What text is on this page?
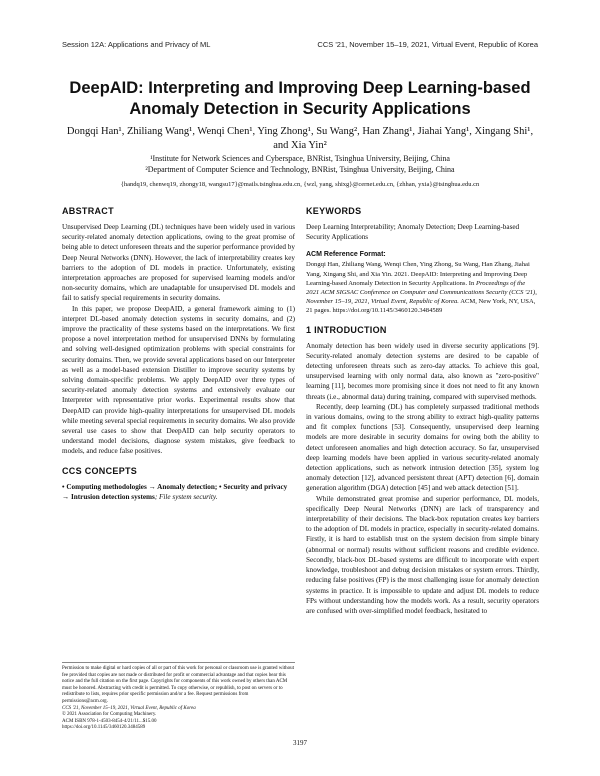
Session 12A: Applications and Privacy of ML	CCS '21, November 15–19, 2021, Virtual Event, Republic of Korea
DeepAID: Interpreting and Improving Deep Learning-based Anomaly Detection in Security Applications
Dongqi Han¹, Zhiliang Wang¹, Wenqi Chen¹, Ying Zhong¹, Su Wang², Han Zhang¹, Jiahai Yang¹, Xingang Shi¹, and Xia Yin²
¹Institute for Network Sciences and Cyberspace, BNRist, Tsinghua University, Beijing, China
²Department of Computer Science and Technology, BNRist, Tsinghua University, Beijing, China
{handq19, chenwq19, zhongy18, wangsu17}@mails.tsinghua.edu.cn, {wzl, yang, shixg}@cernet.edu.cn, {zhhan, yxia}@tsinghua.edu.cn
ABSTRACT

Unsupervised Deep Learning (DL) techniques have been widely used in various security-related anomaly detection applications, owing to the great promise of being able to detect unforeseen threats and the superior performance provided by Deep Neural Networks (DNN). However, the lack of interpretability creates key barriers to the adoption of DL models in practice. Unfortunately, existing interpretation approaches are proposed for supervised learning models and/or non-security domains, which are unadaptable for unsupervised DL models and fail to satisfy special requirements in security domains.

In this paper, we propose DeepAID, a general framework aiming to (1) interpret DL-based anomaly detection systems in security domains, and (2) improve the practicality of these systems based on the interpretations. We first propose a novel interpretation method for unsupervised DNNs by formulating and solving well-designed optimization problems with special constraints for security domains. Then, we provide several applications based on our Interpreter as well as a model-based extension Distiller to improve security systems by solving domain-specific problems. We apply DeepAID over three types of security-related anomaly detection systems and extensively evaluate our Interpreter with representative prior works. Experimental results show that DeepAID can provide high-quality interpretations for unsupervised DL models while meeting several special requirements in security domains. We also provide several use cases to show that DeepAID can help security operators to understand model decisions, diagnose system mistakes, give feedback to models, and reduce false positives.

CCS CONCEPTS
• Computing methodologies → Anomaly detection; • Security and privacy → Intrusion detection systems; File system security.
Permission to make digital or hard copies of all or part of this work for personal or classroom use is granted without fee provided that copies are not made or distributed for profit or commercial advantage and that copies bear this notice and the full citation on the first page. Copyrights for components of this work owned by others than ACM must be honored. Abstracting with credit is permitted. To copy otherwise, or republish, to post on servers or to redistribute to lists, requires prior specific permission and/or a fee. Request permissions from permissions@acm.org.
CCS '21, November 15–19, 2021, Virtual Event, Republic of Korea
© 2021 Association for Computing Machinery.
ACM ISBN 978-1-4503-8454-4/21/11...$15.00
https://doi.org/10.1145/3460120.3484589
KEYWORDS

Deep Learning Interpretability; Anomaly Detection; Deep Learning-based Security Applications

ACM Reference Format:
Dongqi Han, Zhiliang Wang, Wenqi Chen, Ying Zhong, Su Wang, Han Zhang, Jiahai Yang, Xingang Shi, and Xia Yin. 2021. DeepAID: Interpreting and Improving Deep Learning-based Anomaly Detection in Security Applications. In Proceedings of the 2021 ACM SIGSAC Conference on Computer and Communications Security (CCS '21), November 15–19, 2021, Virtual Event, Republic of Korea. ACM, New York, NY, USA, 21 pages. https://doi.org/10.1145/3460120.3484589
1 INTRODUCTION

Anomaly detection has been widely used in diverse security applications [9]. Security-related anomaly detection systems are desired to be capable of detecting unforeseen threats such as zero-day attacks. To achieve this goal, unsupervised learning with only normal data, also known as "zero-positive" learning [11], becomes more promising since it does not need to fit any known threats (i.e., abnormal data) during training, compared with supervised methods.

Recently, deep learning (DL) has completely surpassed traditional methods in various domains, owing to the strong ability to extract high-quality patterns and fit complex functions [53]. Consequently, unsupervised deep learning models are more desirable in security domains for owing both the ability to detect unforeseen anomalies and high detection accuracy. So far, unsupervised deep learning models have been applied in various security-related anomaly detection applications, such as network intrusion detection [35], system log anomaly detection [12], advanced persistent threat (APT) detection [6], domain generation algorithm (DGA) detection [45] and web attack detection [51].

While demonstrated great promise and superior performance, DL models, specifically Deep Neural Networks (DNN) are lack of transparency and interpretability of their decisions. The black-box reputation creates key barriers to the adoption of DL models in practice, especially in security-related domains. Firstly, it is hard to establish trust on the system decision from simple binary (abnormal or normal) results without sufficient reasons and credible evidence. Secondly, black-box DL-based systems are difficult to incorporate with expert knowledge, troubleshoot and debug decision mistakes or system errors. Thirdly, reducing false positives (FP) is the most challenging issue for anomaly detection systems in practice. It is impossible to update and adjust DL models to reduce FPs without understanding how the models work. As a result, security operators are confused with over-simplified model feedback, hesitated to

3197
